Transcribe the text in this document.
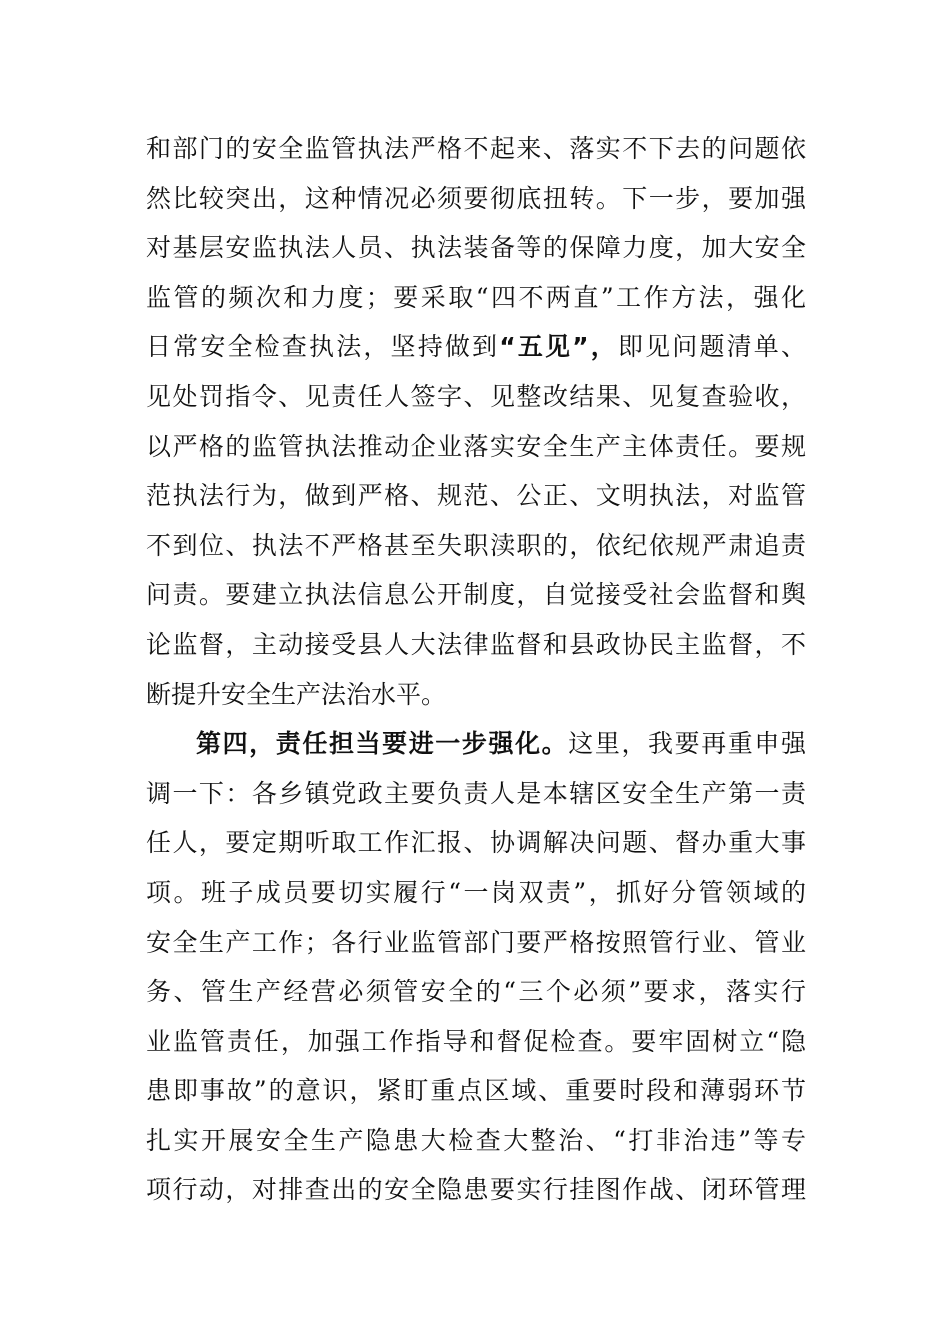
和部门的安全监管执法严格不起来、落实不下去的问题依
然比较突出，这种情况必须要彻底扭转。下一步，要加强
对基层安监执法人员、执法装备等的保障力度，加大安全
监管的频次和力度；要采取“四不两直”工作方法，强化
日常安全检查执法，坚持做到“五见”，即见问题清单、
见处罚指令、见责任人签字、见整改结果、见复查验收，
以严格的监管执法推动企业落实安全生产主体责任。要规
范执法行为，做到严格、规范、公正、文明执法，对监管
不到位、执法不严格甚至失职渎职的，依纪依规严肃追责
问责。要建立执法信息公开制度，自觉接受社会监督和舆
论监督，主动接受县人大法律监督和县政协民主监督，不
断提升安全生产法治水平。
第四，责任担当要进一步强化。这里，我要再重申强
调一下：各乡镇党政主要负责人是本辖区安全生产第一责
任人，要定期听取工作汇报、协调解决问题、督办重大事
项。班子成员要切实履行“一岗双责”，抓好分管领域的
安全生产工作；各行业监管部门要严格按照管行业、管业
务、管生产经营必须管安全的“三个必须”要求，落实行
业监管责任，加强工作指导和督促检查。要牢固树立“隐
患即事故”的意识，紧盯重点区域、重要时段和薄弱环节
扎实开展安全生产隐患大检查大整治、“打非治违”等专
项行动，对排查出的安全隐患要实行挂图作战、闭环管理
